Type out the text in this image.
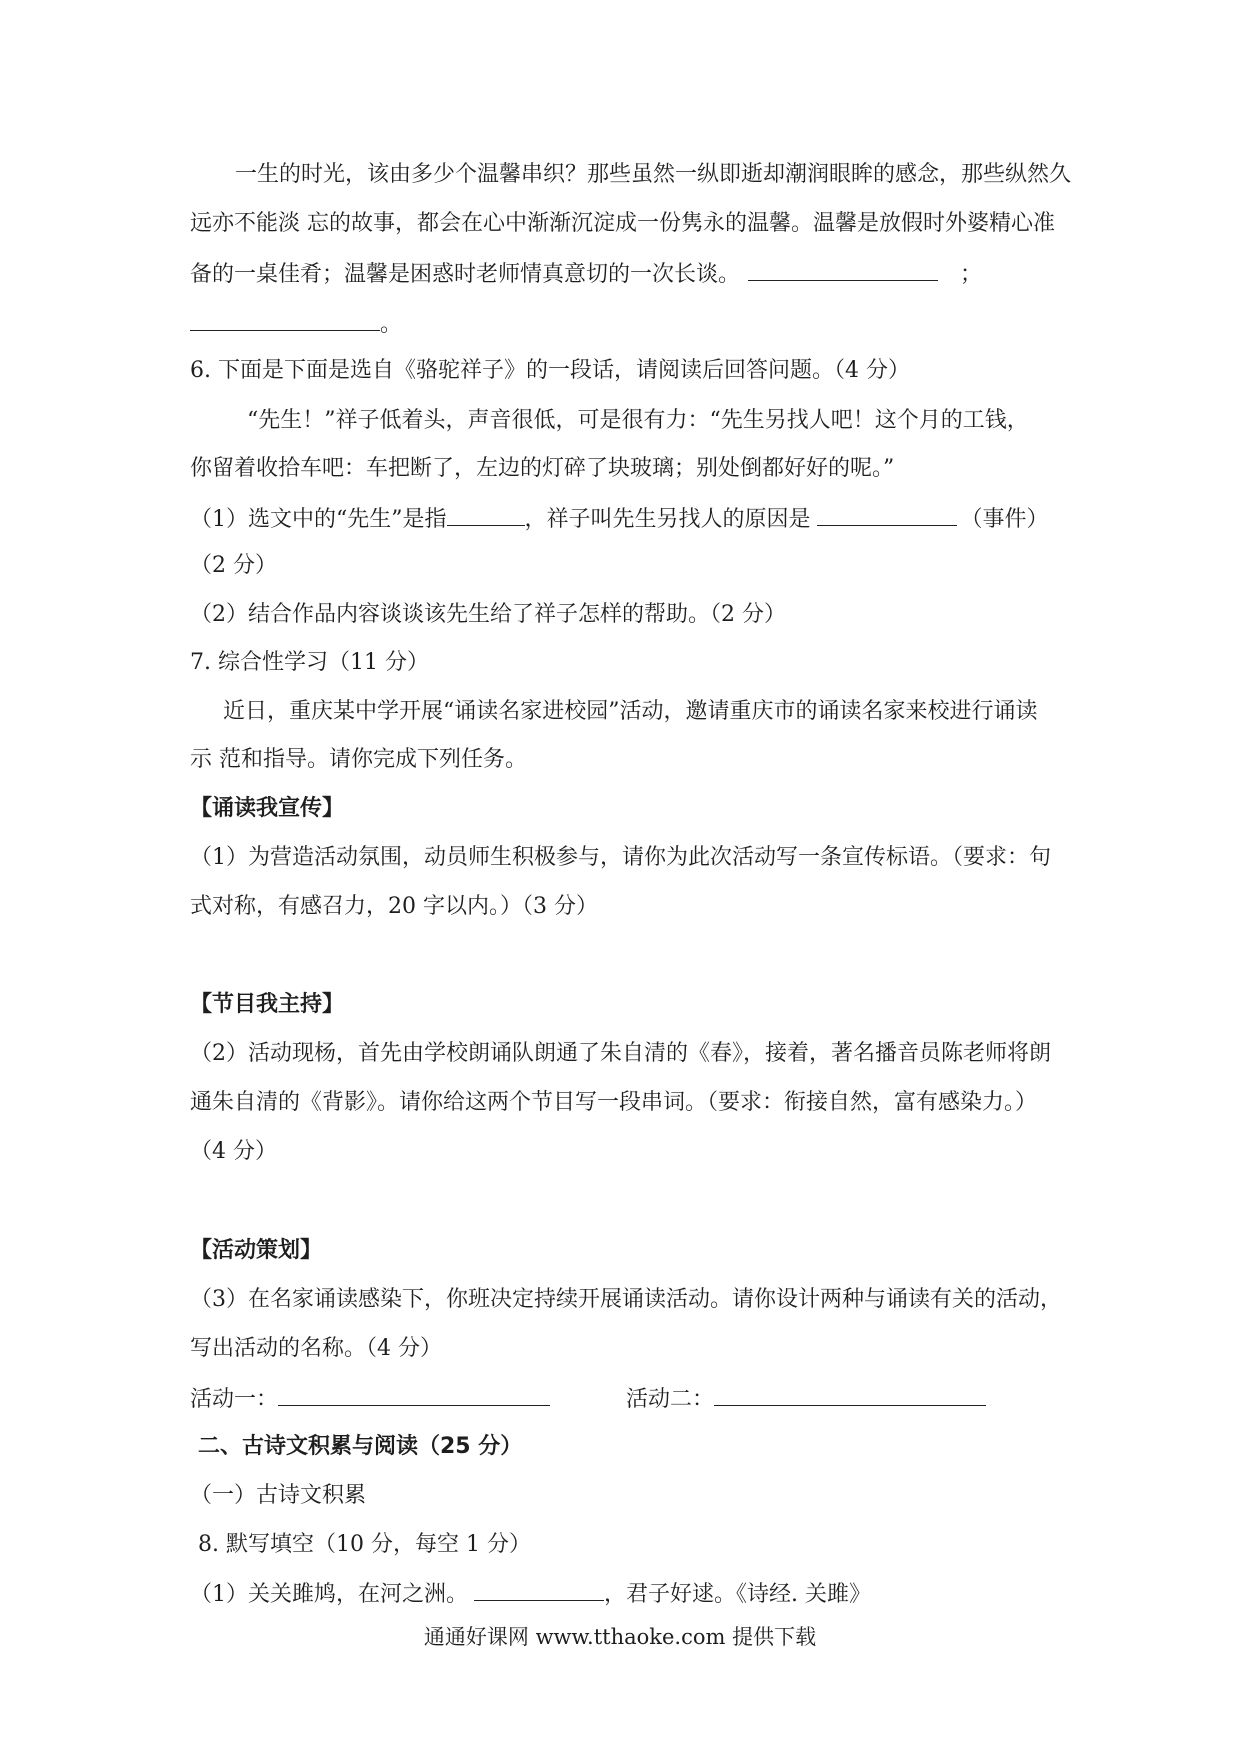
一生的时光，该由多少个温馨串织？那些虽然一纵即逝却潮润眼眸的感念，那些纵然久
远亦不能淡 忘的故事，都会在心中渐渐沉淀成一份隽永的温馨。温馨是放假时外婆精心准
备的一桌佳肴；温馨是困惑时老师情真意切的一次长谈。	；
。
6. 下面是下面是选自《骆驼祥子》的一段话，请阅读后回答问题。（4 分）
“先生！”祥子低着头，声音很低，可是很有力：“先生另找人吧！这个月的工钱，
你留着收拾车吧：车把断了，左边的灯碎了块玻璃；别处倒都好好的呢。”
（1）选文中的“先生”是指	，祥子叫先生另找人的原因是	（事件）
（2 分）
（2）结合作品内容谈谈该先生给了祥子怎样的帮助。（2 分）
7. 综合性学习（11 分）
近日，重庆某中学开展“诵读名家进校园”活动，邀请重庆市的诵读名家来校进行诵读
示 范和指导。请你完成下列任务。
【诵读我宣传】
（1）为营造活动氛围，动员师生积极参与，请你为此次活动写一条宣传标语。（要求：句
式对称，有感召力，20 字以内。）（3 分）
【节目我主持】
（2）活动现杨，首先由学校朗诵队朗通了朱自清的《春》，接着，著名播音员陈老师将朗
通朱自清的《背影》。请你给这两个节目写一段串词。（要求：衔接自然，富有感染力。）
（4 分）
【活动策划】
（3）在名家诵读感染下，你班决定持续开展诵读活动。请你设计两种与诵读有关的活动，
写出活动的名称。（4 分）
活动一：	活动二：
二、古诗文积累与阅读（25 分）
（一）古诗文积累
8. 默写填空（10 分，每空 1 分）
（1）关关雎鸠，在河之洲。	，君子好逑。《诗经. 关雎》
通通好课网 www.tthaoke.com 提供下载
